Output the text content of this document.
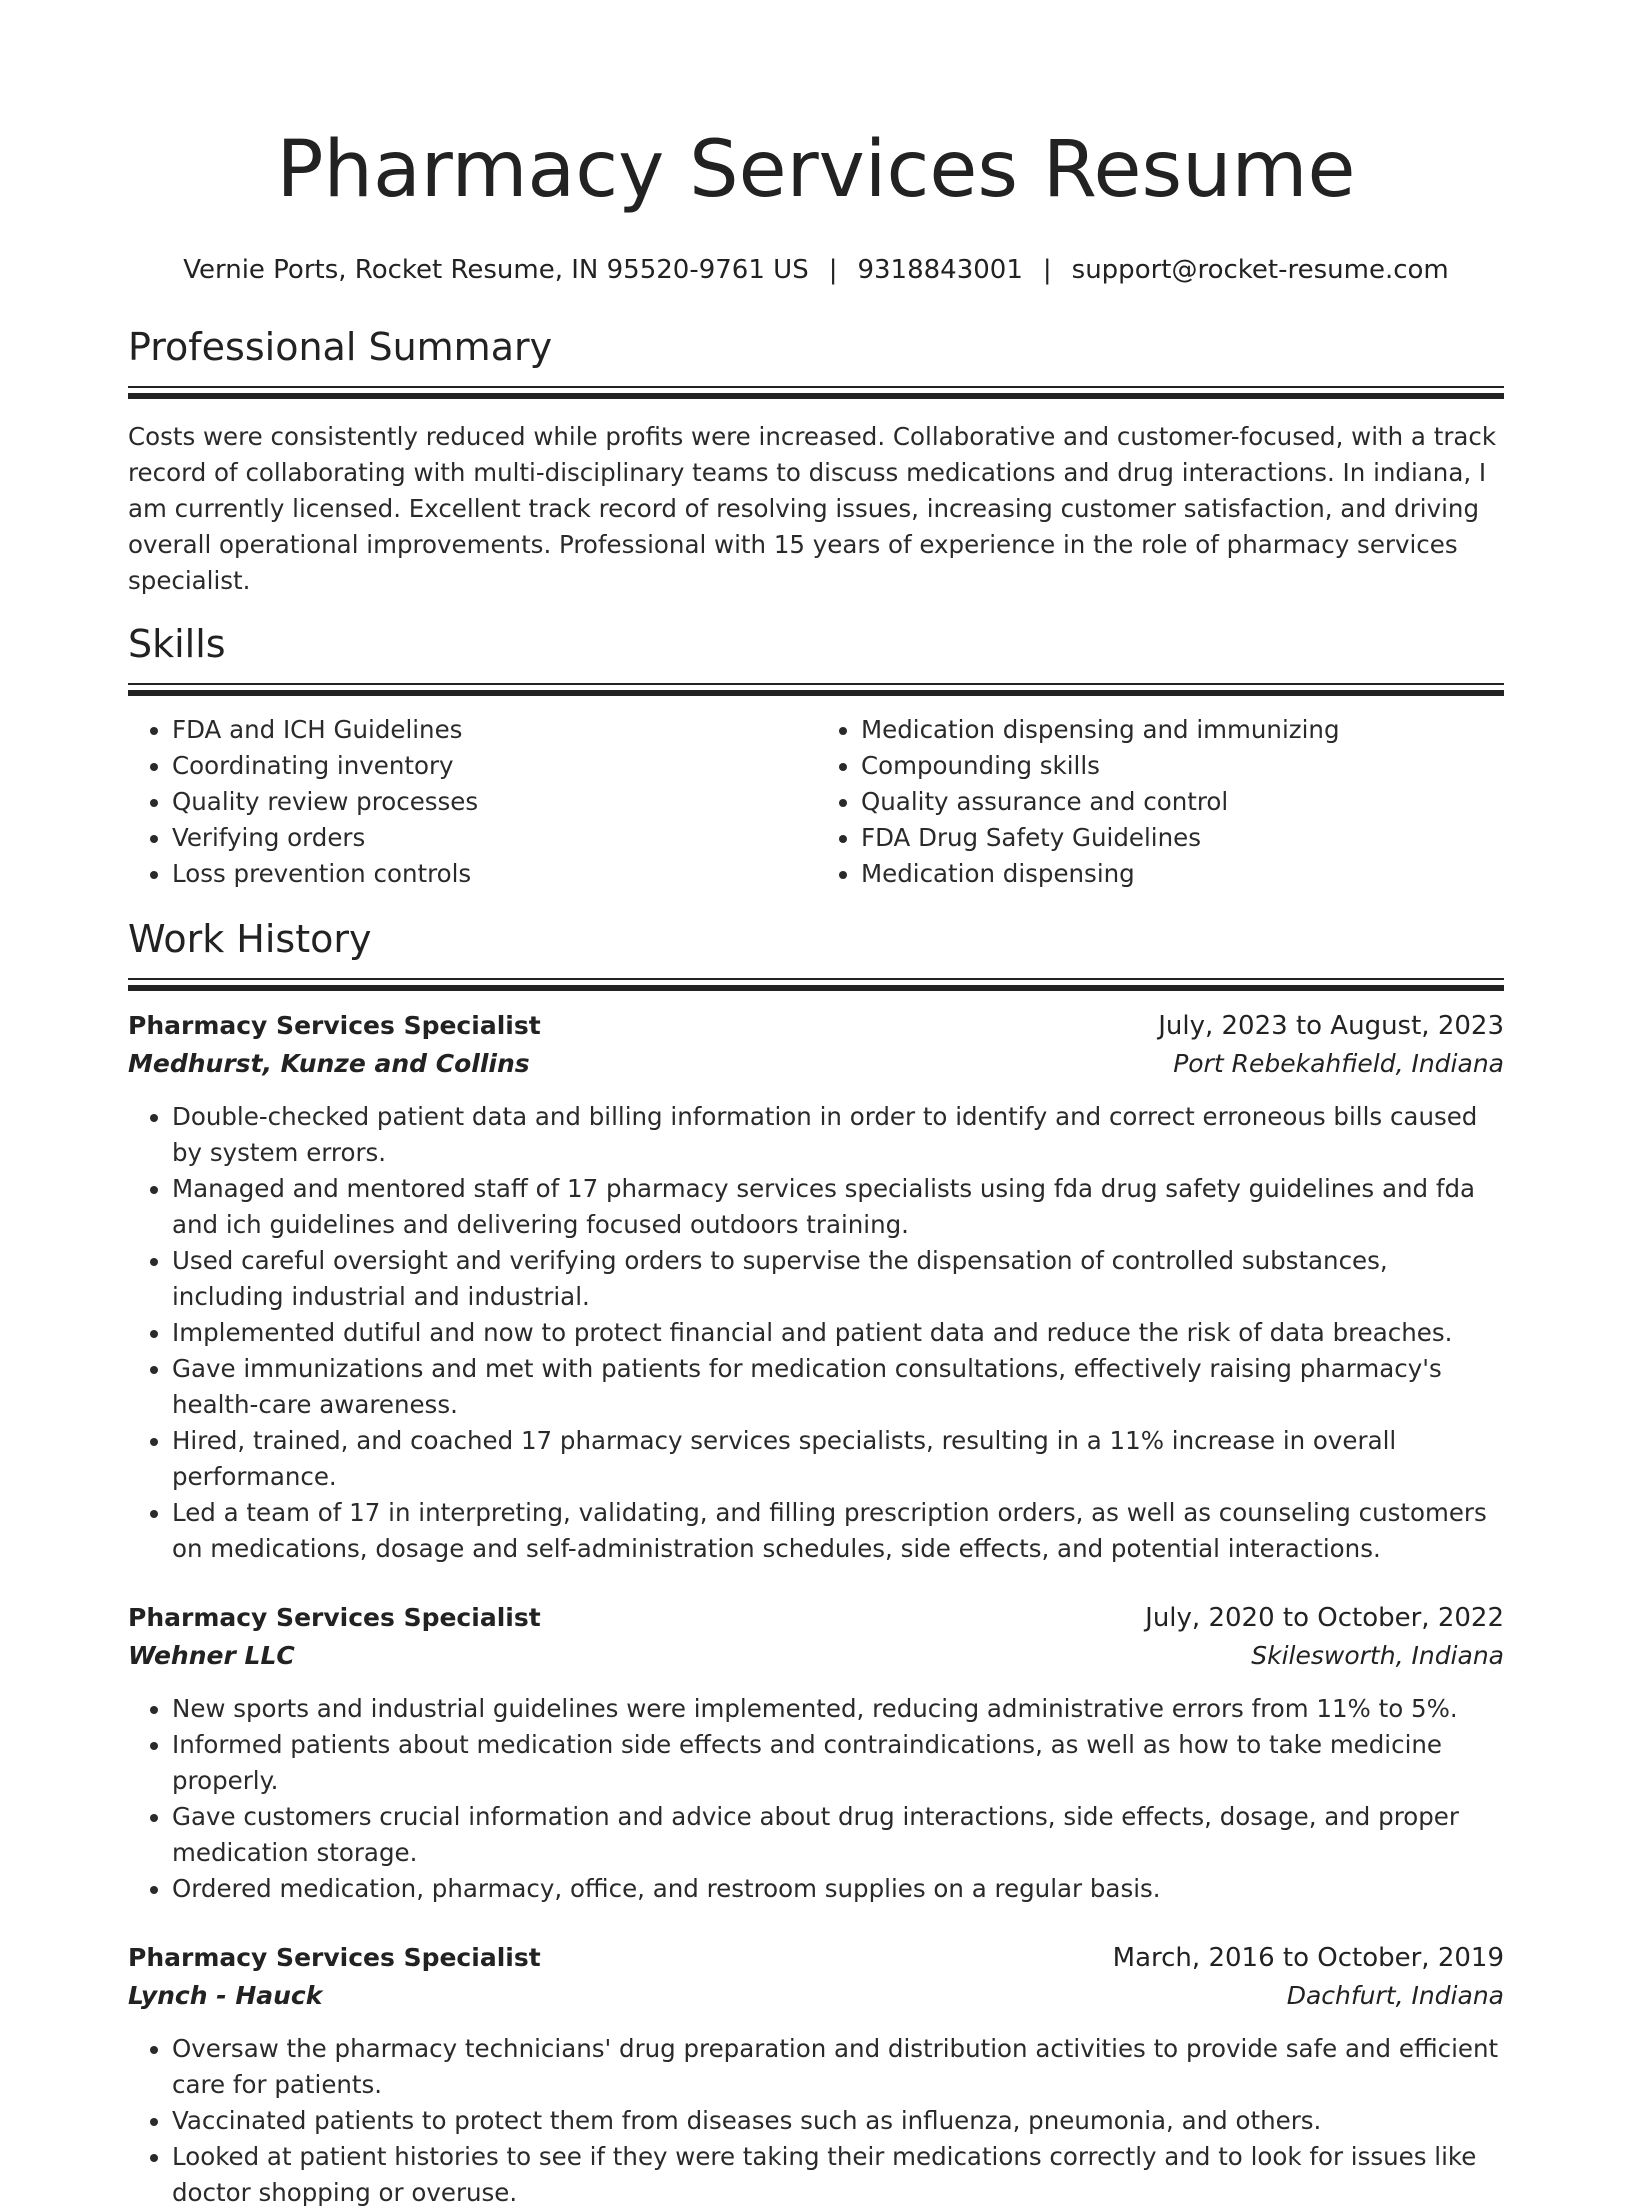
Pharmacy Services Resume
Vernie Ports, Rocket Resume, IN 95520-9761 US | 9318843001 | support@rocket-resume.com
Professional Summary

Costs were consistently reduced while profits were increased. Collaborative and customer-focused, with a track record of collaborating with multi-disciplinary teams to discuss medications and drug interactions. In indiana, I am currently licensed. Excellent track record of resolving issues, increasing customer satisfaction, and driving overall operational improvements. Professional with 15 years of experience in the role of pharmacy services specialist.

Skills
• FDA and ICH Guidelines
• Coordinating inventory
• Quality review processes
• Verifying orders
• Loss prevention controls
• Medication dispensing and immunizing
• Compounding skills
• Quality assurance and control
• FDA Drug Safety Guidelines
• Medication dispensing
Work History
Pharmacy Services Specialist	July, 2023 to August, 2023
Medhurst, Kunze and Collins	Port Rebekahfield, Indiana
• Double-checked patient data and billing information in order to identify and correct erroneous bills caused by system errors.
• Managed and mentored staff of 17 pharmacy services specialists using fda drug safety guidelines and fda and ich guidelines and delivering focused outdoors training.
• Used careful oversight and verifying orders to supervise the dispensation of controlled substances, including industrial and industrial.
• Implemented dutiful and now to protect financial and patient data and reduce the risk of data breaches.
• Gave immunizations and met with patients for medication consultations, effectively raising pharmacy's health-care awareness.
• Hired, trained, and coached 17 pharmacy services specialists, resulting in a 11% increase in overall performance.
• Led a team of 17 in interpreting, validating, and filling prescription orders, as well as counseling customers on medications, dosage and self-administration schedules, side effects, and potential interactions.
Pharmacy Services Specialist	July, 2020 to October, 2022
Wehner LLC	Skilesworth, Indiana
• New sports and industrial guidelines were implemented, reducing administrative errors from 11% to 5%.
• Informed patients about medication side effects and contraindications, as well as how to take medicine properly.
• Gave customers crucial information and advice about drug interactions, side effects, dosage, and proper medication storage.
• Ordered medication, pharmacy, office, and restroom supplies on a regular basis.
Pharmacy Services Specialist	March, 2016 to October, 2019
Lynch - Hauck	Dachfurt, Indiana
• Oversaw the pharmacy technicians' drug preparation and distribution activities to provide safe and efficient care for patients.
• Vaccinated patients to protect them from diseases such as influenza, pneumonia, and others.
• Looked at patient histories to see if they were taking their medications correctly and to look for issues like doctor shopping or overuse.
